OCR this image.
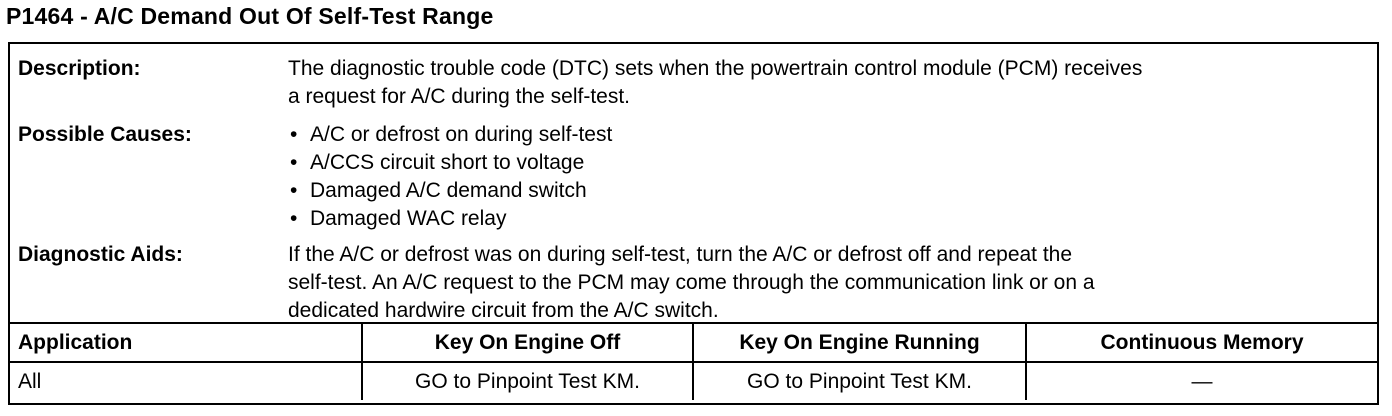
P1464 - A/C Demand Out Of Self-Test Range
Description:	The diagnostic trouble code (DTC) sets when the powertrain control module (PCM) receives

a request for A/C during the self-test.

Possible Causes:	• A/C or defrost on during self-test
• A/CCS circuit short to voltage
• Damaged A/C demand switch
• Damaged WAC relay
Diagnostic Aids:	If the A/C or defrost was on during self-test, turn the A/C or defrost off and repeat the

self-test. An A/C request to the PCM may come through the communication link or on a

dedicated hardwire circuit from the A/C switch.

Application	Key On Engine Off	Key On Engine Running	Continuous Memory
All	GO to Pinpoint Test KM.	GO to Pinpoint Test KM.	—
